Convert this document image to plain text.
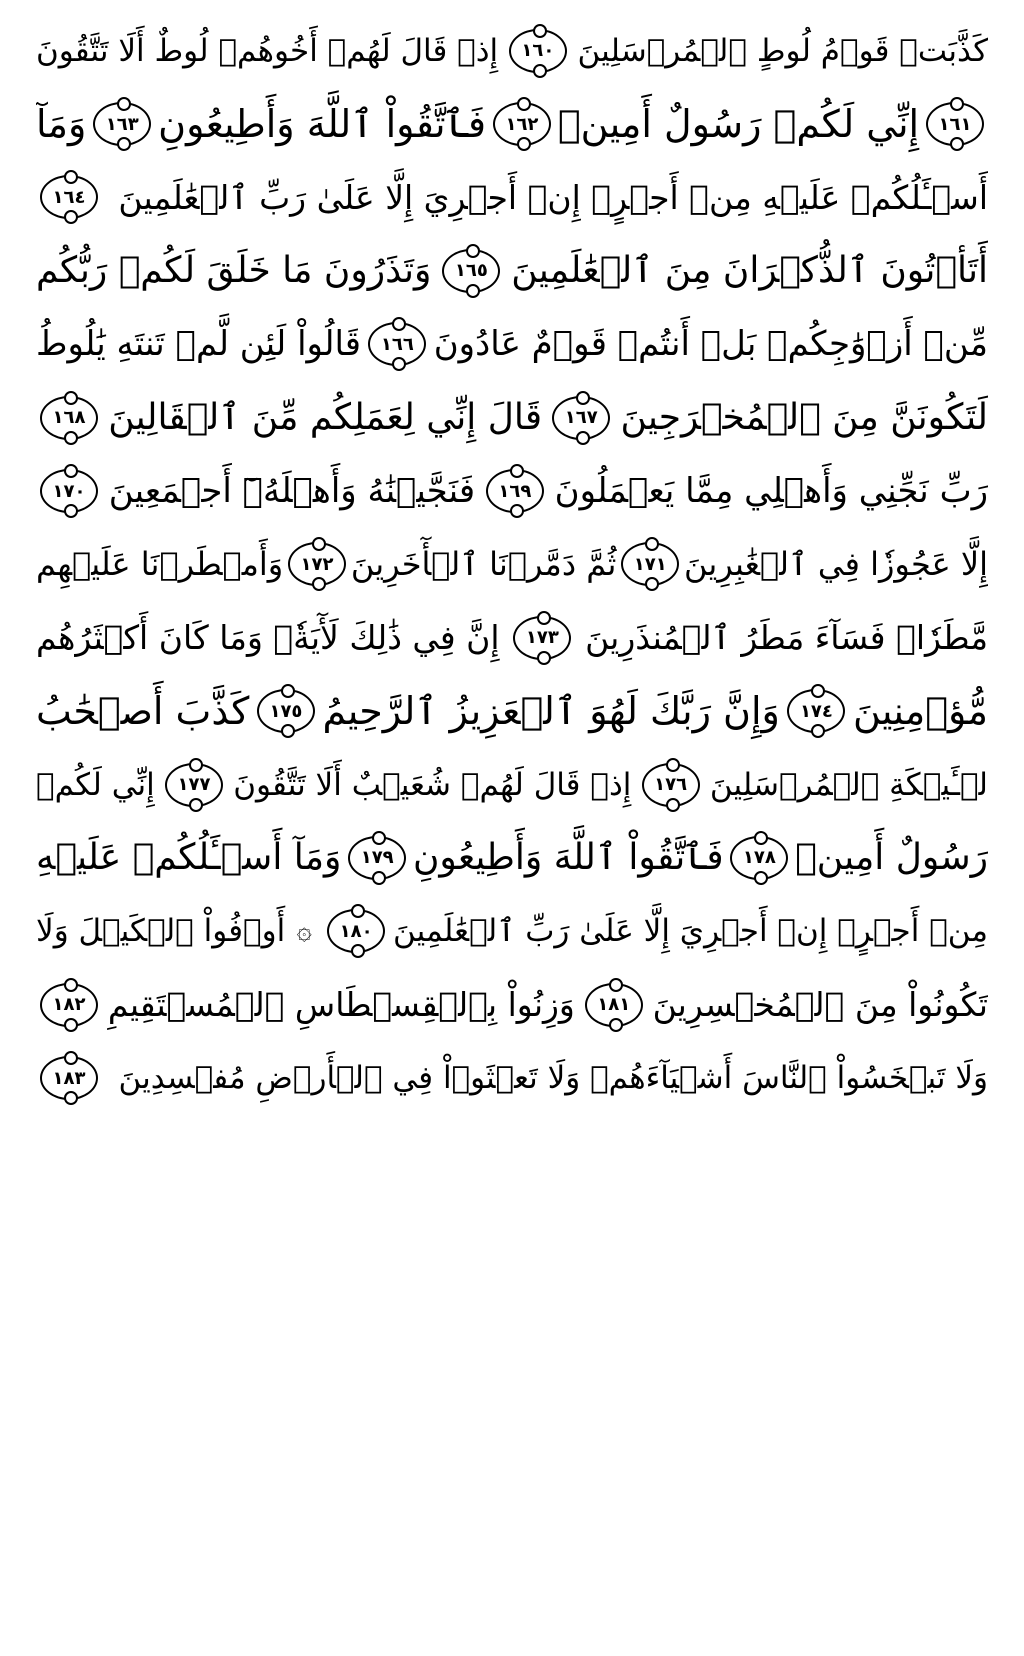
كَذَّبَتۡ قَوۡمُ لُوطٍ ٱلۡمُرۡسَلِينَ
١٦٠
إِذۡ قَالَ لَهُمۡ أَخُوهُمۡ لُوطٌ أَلَا تَتَّقُونَ
١٦١
إِنِّي لَكُمۡ رَسُولٌ أَمِينٞ
١٦٢
فَٱتَّقُواْ ٱللَّهَ وَأَطِيعُونِ
١٦٣
وَمَآ
أَسۡـَٔلُكُمۡ عَلَيۡهِ مِنۡ أَجۡرٍۖ إِنۡ أَجۡرِيَ إِلَّا عَلَىٰ رَبِّ ٱلۡعَٰلَمِينَ
١٦٤
أَتَأۡتُونَ ٱلذُّكۡرَانَ مِنَ ٱلۡعَٰلَمِينَ
١٦٥
وَتَذَرُونَ مَا خَلَقَ لَكُمۡ رَبُّكُم
مِّنۡ أَزۡوَٰجِكُمۚ بَلۡ أَنتُمۡ قَوۡمٌ عَادُونَ
١٦٦
قَالُواْ لَئِن لَّمۡ تَنتَهِ يَٰلُوطُ
لَتَكُونَنَّ مِنَ ٱلۡمُخۡرَجِينَ
١٦٧
قَالَ إِنِّي لِعَمَلِكُم مِّنَ ٱلۡقَالِينَ
١٦٨
رَبِّ نَجِّنِي وَأَهۡلِي مِمَّا يَعۡمَلُونَ
١٦٩
فَنَجَّيۡنَٰهُ وَأَهۡلَهُۥٓ أَجۡمَعِينَ
١٧٠
إِلَّا عَجُوزٗا فِي ٱلۡغَٰبِرِينَ
١٧١
ثُمَّ دَمَّرۡنَا ٱلۡأٓخَرِينَ
١٧٢
وَأَمۡطَرۡنَا عَلَيۡهِم
مَّطَرٗاۖ فَسَآءَ مَطَرُ ٱلۡمُنذَرِينَ
١٧٣
إِنَّ فِي ذَٰلِكَ لَأٓيَةٗۖ وَمَا كَانَ أَكۡثَرُهُم
مُّؤۡمِنِينَ
١٧٤
وَإِنَّ رَبَّكَ لَهُوَ ٱلۡعَزِيزُ ٱلرَّحِيمُ
١٧٥
كَذَّبَ أَصۡحَٰبُ
لۡـَٔيۡكَةِ ٱلۡمُرۡسَلِينَ
١٧٦
إِذۡ قَالَ لَهُمۡ شُعَيۡبٌ أَلَا تَتَّقُونَ
١٧٧
إِنِّي لَكُمۡ
رَسُولٌ أَمِينٞ
١٧٨
فَٱتَّقُواْ ٱللَّهَ وَأَطِيعُونِ
١٧٩
وَمَآ أَسۡـَٔلُكُمۡ عَلَيۡهِ
مِنۡ أَجۡرٍۖ إِنۡ أَجۡرِيَ إِلَّا عَلَىٰ رَبِّ ٱلۡعَٰلَمِينَ
١٨٠
۞
أَوۡفُواْ ٱلۡكَيۡلَ وَلَا
تَكُونُواْ مِنَ ٱلۡمُخۡسِرِينَ
١٨١
وَزِنُواْ بِٱلۡقِسۡطَاسِ ٱلۡمُسۡتَقِيمِ
١٨٢
وَلَا تَبۡخَسُواْ ٱلنَّاسَ أَشۡيَآءَهُمۡ وَلَا تَعۡثَوۡاْ فِي ٱلۡأَرۡضِ مُفۡسِدِينَ
١٨٣
